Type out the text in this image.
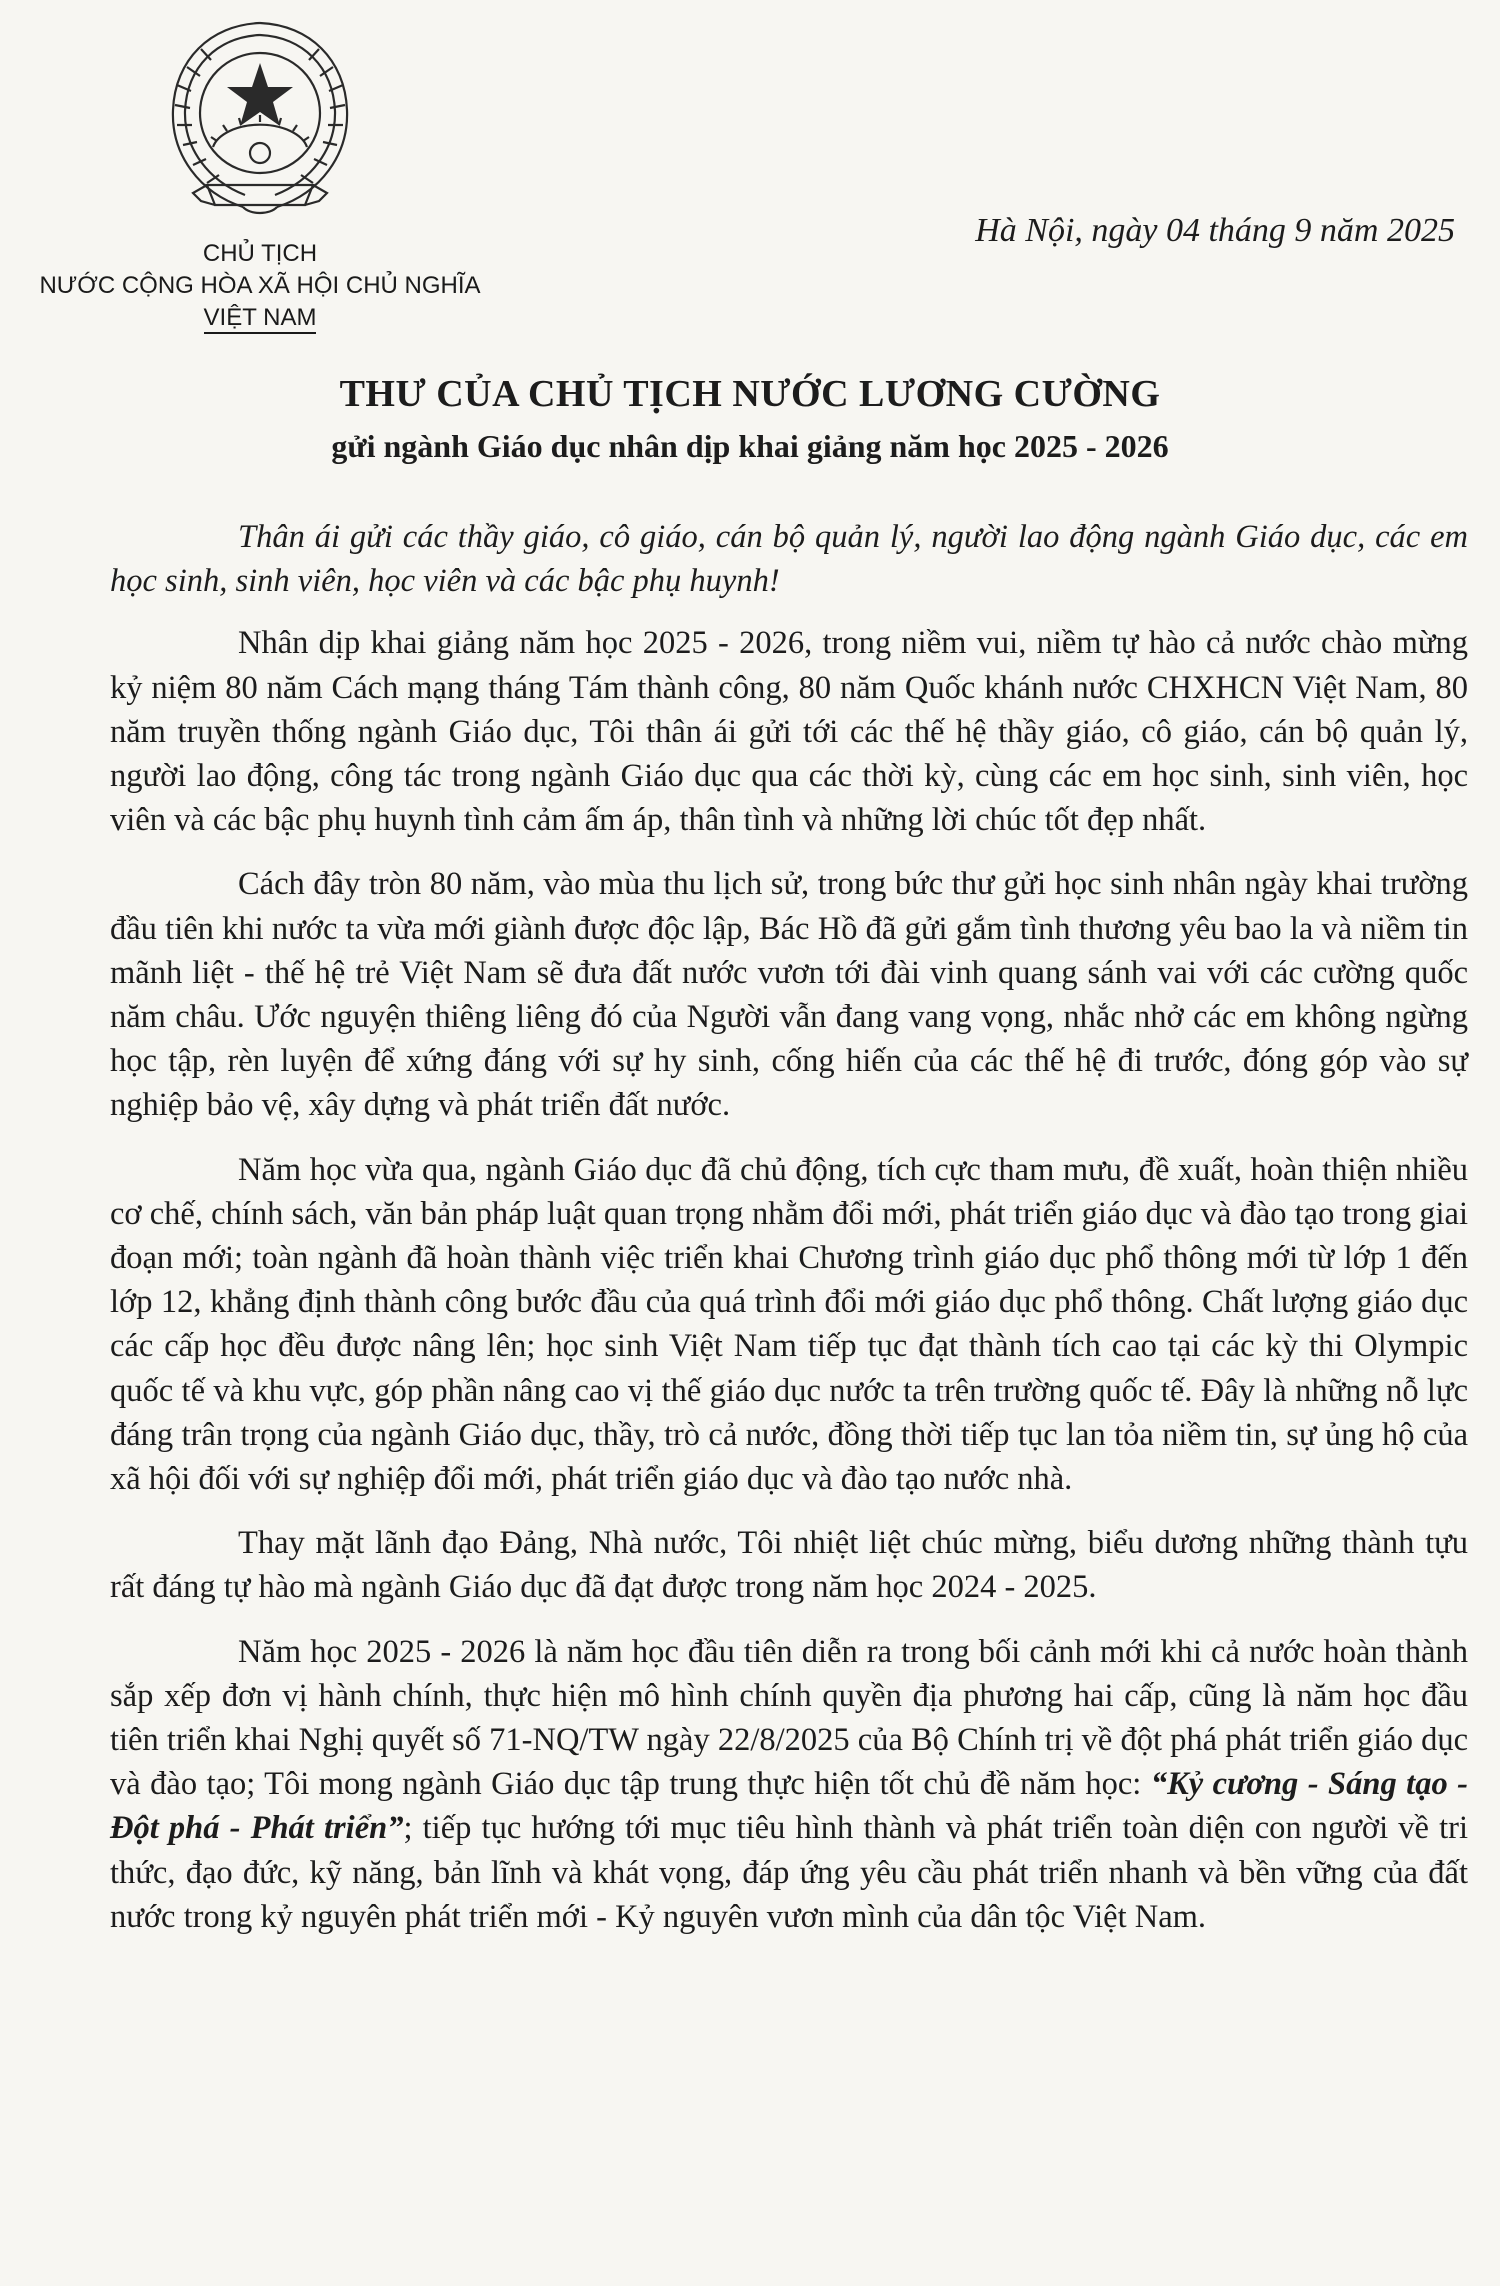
CHỦ TỊCH
NƯỚC CỘNG HÒA XÃ HỘI CHỦ NGHĨA
VIỆT NAM
Hà Nội, ngày 04 tháng 9 năm 2025
THƯ CỦA CHỦ TỊCH NƯỚC LƯƠNG CƯỜNG
gửi ngành Giáo dục nhân dịp khai giảng năm học 2025 - 2026

Thân ái gửi các thầy giáo, cô giáo, cán bộ quản lý, người lao động ngành Giáo dục, các em học sinh, sinh viên, học viên và các bậc phụ huynh!

Nhân dịp khai giảng năm học 2025 - 2026, trong niềm vui, niềm tự hào cả nước chào mừng kỷ niệm 80 năm Cách mạng tháng Tám thành công, 80 năm Quốc khánh nước CHXHCN Việt Nam, 80 năm truyền thống ngành Giáo dục, Tôi thân ái gửi tới các thế hệ thầy giáo, cô giáo, cán bộ quản lý, người lao động, công tác trong ngành Giáo dục qua các thời kỳ, cùng các em học sinh, sinh viên, học viên và các bậc phụ huynh tình cảm ấm áp, thân tình và những lời chúc tốt đẹp nhất.

Cách đây tròn 80 năm, vào mùa thu lịch sử, trong bức thư gửi học sinh nhân ngày khai trường đầu tiên khi nước ta vừa mới giành được độc lập, Bác Hồ đã gửi gắm tình thương yêu bao la và niềm tin mãnh liệt - thế hệ trẻ Việt Nam sẽ đưa đất nước vươn tới đài vinh quang sánh vai với các cường quốc năm châu. Ước nguyện thiêng liêng đó của Người vẫn đang vang vọng, nhắc nhở các em không ngừng học tập, rèn luyện để xứng đáng với sự hy sinh, cống hiến của các thế hệ đi trước, đóng góp vào sự nghiệp bảo vệ, xây dựng và phát triển đất nước.

Năm học vừa qua, ngành Giáo dục đã chủ động, tích cực tham mưu, đề xuất, hoàn thiện nhiều cơ chế, chính sách, văn bản pháp luật quan trọng nhằm đổi mới, phát triển giáo dục và đào tạo trong giai đoạn mới; toàn ngành đã hoàn thành việc triển khai Chương trình giáo dục phổ thông mới từ lớp 1 đến lớp 12, khẳng định thành công bước đầu của quá trình đổi mới giáo dục phổ thông. Chất lượng giáo dục các cấp học đều được nâng lên; học sinh Việt Nam tiếp tục đạt thành tích cao tại các kỳ thi Olympic quốc tế và khu vực, góp phần nâng cao vị thế giáo dục nước ta trên trường quốc tế. Đây là những nỗ lực đáng trân trọng của ngành Giáo dục, thầy, trò cả nước, đồng thời tiếp tục lan tỏa niềm tin, sự ủng hộ của xã hội đối với sự nghiệp đổi mới, phát triển giáo dục và đào tạo nước nhà.

Thay mặt lãnh đạo Đảng, Nhà nước, Tôi nhiệt liệt chúc mừng, biểu dương những thành tựu rất đáng tự hào mà ngành Giáo dục đã đạt được trong năm học 2024 - 2025.

Năm học 2025 - 2026 là năm học đầu tiên diễn ra trong bối cảnh mới khi cả nước hoàn thành sắp xếp đơn vị hành chính, thực hiện mô hình chính quyền địa phương hai cấp, cũng là năm học đầu tiên triển khai Nghị quyết số 71-NQ/TW ngày 22/8/2025 của Bộ Chính trị về đột phá phát triển giáo dục và đào tạo; Tôi mong ngành Giáo dục tập trung thực hiện tốt chủ đề năm học: “Kỷ cương - Sáng tạo - Đột phá - Phát triển”; tiếp tục hướng tới mục tiêu hình thành và phát triển toàn diện con người về tri thức, đạo đức, kỹ năng, bản lĩnh và khát vọng, đáp ứng yêu cầu phát triển nhanh và bền vững của đất nước trong kỷ nguyên phát triển mới - Kỷ nguyên vươn mình của dân tộc Việt Nam.
